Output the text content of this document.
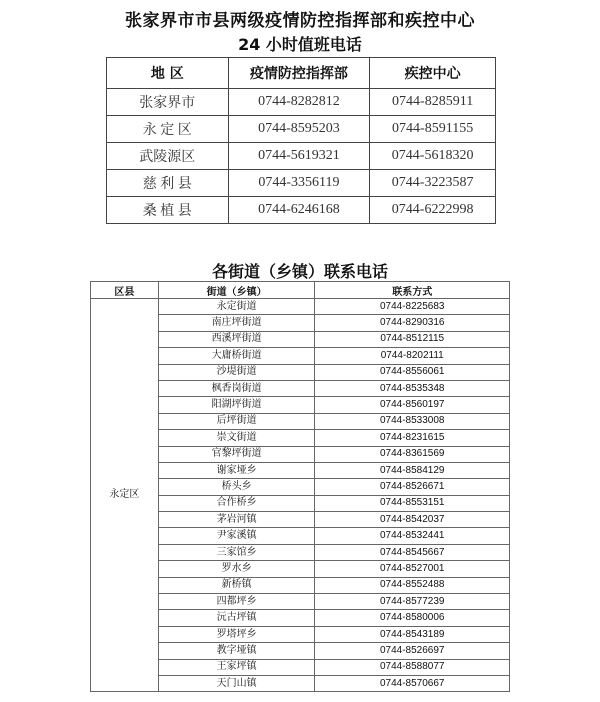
张家界市市县两级疫情防控指挥部和疾控中心
24 小时值班电话
地 区	疫情防控指挥部	疾控中心
张家界市	0744-8282812	0744-8285911
永 定 区	0744-8595203	0744-8591155
武陵源区	0744-5619321	0744-5618320
慈 利 县	0744-3356119	0744-3223587
桑 植 县	0744-6246168	0744-6222998
各街道（乡镇）联系电话
区县	街道（乡镇）	联系方式
永定区	永定街道	0744-8225683
	南庄坪街道	0744-8290316
	西溪坪街道	0744-8512115
	大庸桥街道	0744-8202111
	沙堤街道	0744-8556061
	枫香岗街道	0744-8535348
	阳湖坪街道	0744-8560197
	后坪街道	0744-8533008
	崇文街道	0744-8231615
	官黎坪街道	0744-8361569
	谢家垭乡	0744-8584129
	桥头乡	0744-8526671
	合作桥乡	0744-8553151
	茅岩河镇	0744-8542037
	尹家溪镇	0744-8532441
	三家馆乡	0744-8545667
	罗水乡	0744-8527001
	新桥镇	0744-8552488
	四都坪乡	0744-8577239
	沅古坪镇	0744-8580006
	罗塔坪乡	0744-8543189
	教字垭镇	0744-8526697
	王家坪镇	0744-8588077
	天门山镇	0744-8570667
